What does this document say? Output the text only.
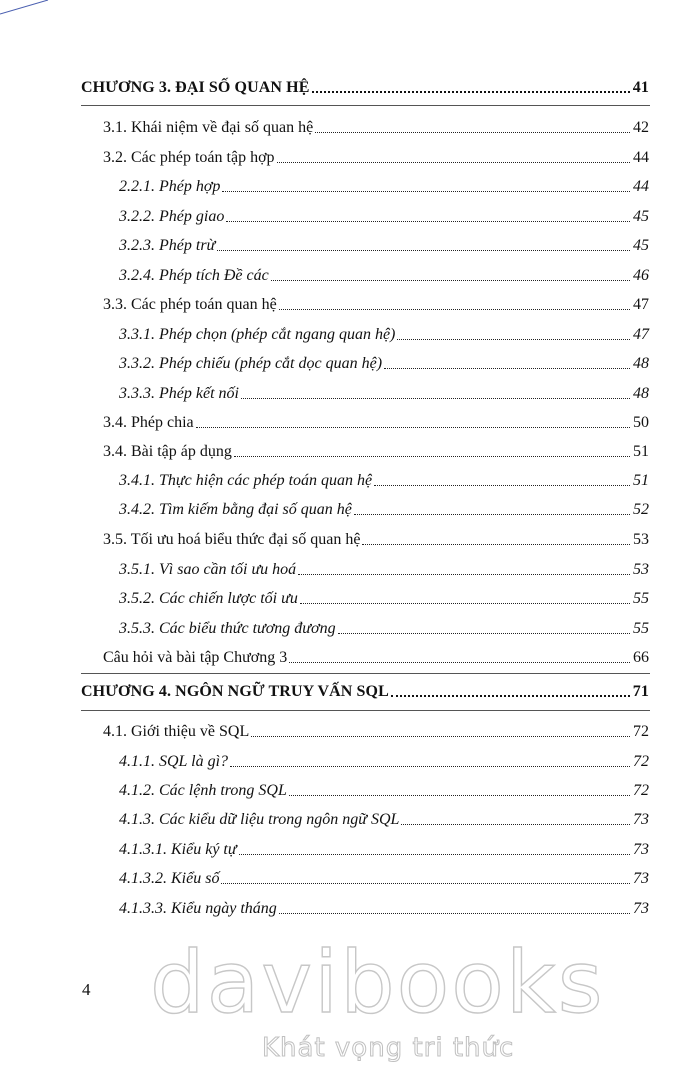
CHƯƠNG 3. ĐẠI SỐ QUAN HỆ	41
3.1. Khái niệm về đại số quan hệ	42
3.2. Các phép toán tập hợp	44
2.2.1. Phép hợp	44
3.2.2. Phép giao	45
3.2.3. Phép trừ	45
3.2.4. Phép tích Đề các	46
3.3. Các phép toán quan hệ	47
3.3.1. Phép chọn (phép cắt ngang quan hệ)	47
3.3.2. Phép chiếu (phép cắt dọc quan hệ)	48
3.3.3. Phép kết nối	48
3.4. Phép chia	50
3.4. Bài tập áp dụng	51
3.4.1. Thực hiện các phép toán quan hệ	51
3.4.2. Tìm kiếm bằng đại số quan hệ	52
3.5. Tối ưu hoá biểu thức đại số quan hệ	53
3.5.1. Vì sao cần tối ưu hoá	53
3.5.2. Các chiến lược tối ưu	55
3.5.3. Các biểu thức tương đương	55
Câu hỏi và bài tập Chương 3	66
CHƯƠNG 4. NGÔN NGỮ TRUY VẤN SQL	71
4.1. Giới thiệu về SQL	72
4.1.1. SQL là gì?	72
4.1.2. Các lệnh trong SQL	72
4.1.3. Các kiểu dữ liệu trong ngôn ngữ SQL	73
4.1.3.1. Kiểu ký tự	73
4.1.3.2. Kiểu số	73
4.1.3.3. Kiểu ngày tháng	73
4 davibooks
Khát vọng tri thức
